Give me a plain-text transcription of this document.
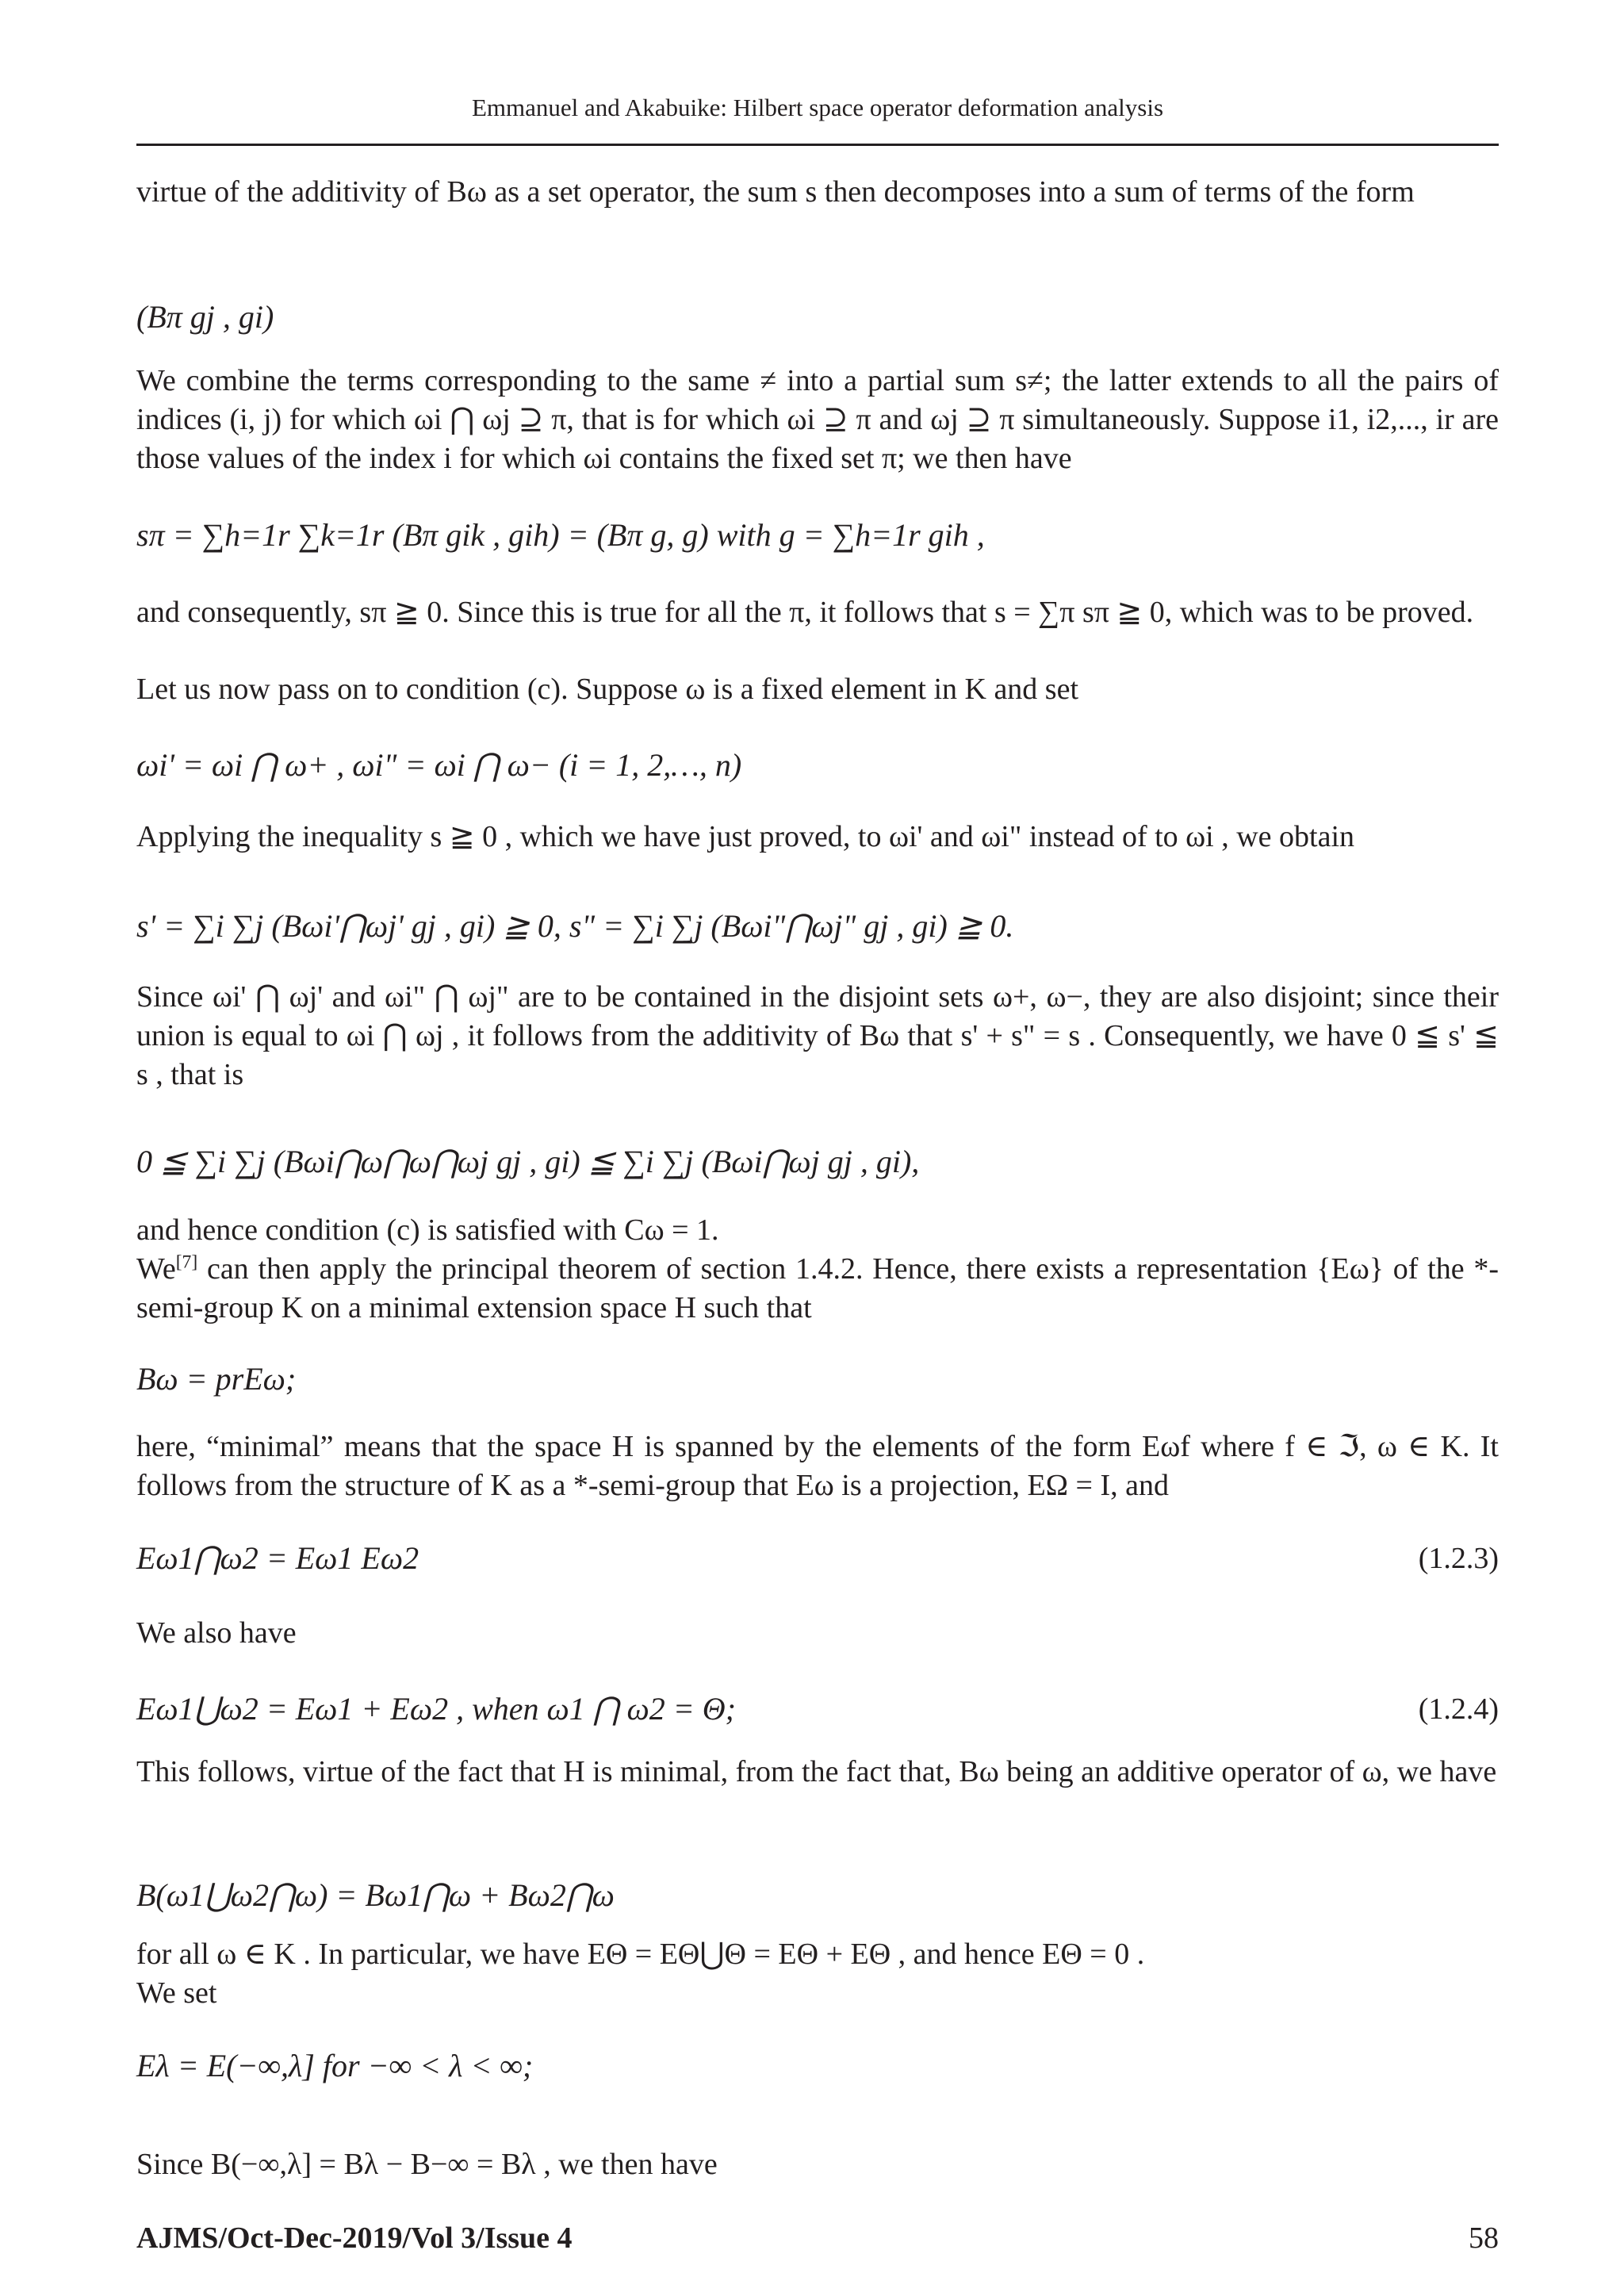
Emmanuel and Akabuike: Hilbert space operator deformation analysis
virtue of the additivity of Bω as a set operator, the sum s then decomposes into a sum of terms of the form
(Bπ gj , gi)
We combine the terms corresponding to the same ≠ into a partial sum s≠; the latter extends to all the pairs of indices (i, j) for which ωi ⋂ ωj ⊇ π, that is for which ωi ⊇ π and ωj ⊇ π simultaneously. Suppose i1, i2,..., ir are those values of the index i for which ωi contains the fixed set π; we then have
sπ = ∑h=1r ∑k=1r (Bπ gik , gih) = (Bπ g, g) with g = ∑h=1r gih ,
and consequently, sπ ≧ 0. Since this is true for all the π, it follows that s = ∑π sπ ≧ 0, which was to be proved.
Let us now pass on to condition (c). Suppose ω is a fixed element in K and set
ωi' = ωi ⋂ ω+ , ωi" = ωi ⋂ ω− (i = 1, 2,…, n)
Applying the inequality s ≧ 0 , which we have just proved, to ωi' and ωi" instead of to ωi , we obtain
s' = ∑i ∑j (Bωi'⋂ωj' gj , gi) ≧ 0, s" = ∑i ∑j (Bωi"⋂ωj" gj , gi) ≧ 0.
Since ωi' ⋂ ωj' and ωi" ⋂ ωj" are to be contained in the disjoint sets ω+, ω−, they are also disjoint; since their union is equal to ωi ⋂ ωj , it follows from the additivity of Bω that s' + s" = s . Consequently, we have 0 ≦ s' ≦ s , that is
0 ≦ ∑i ∑j (Bωi⋂ω⋂ω⋂ωj gj , gi) ≦ ∑i ∑j (Bωi⋂ωj gj , gi),
and hence condition (c) is satisfied with Cω = 1.
We[7] can then apply the principal theorem of section 1.4.2. Hence, there exists a representation {Eω} of the *-semi-group K on a minimal extension space H such that
Bω = prEω;
here, “minimal” means that the space H is spanned by the elements of the form Eωf where f ∈ ℑ, ω ∈ K. It follows from the structure of K as a *-semi-group that Eω is a projection, EΩ = I, and
Eω1⋂ω2 = Eω1 Eω2	(1.2.3)
We also have
Eω1⋃ω2 = Eω1 + Eω2 , when ω1 ⋂ ω2 = Θ;	(1.2.4)
This follows, virtue of the fact that H is minimal, from the fact that, Bω being an additive operator of ω, we have
B(ω1⋃ω2⋂ω) = Bω1⋂ω + Bω2⋂ω
for all ω ∈ K . In particular, we have EΘ = EΘ⋃Θ = EΘ + EΘ , and hence EΘ = 0 .
We set
Eλ = E(−∞,λ] for −∞ < λ < ∞;
Since B(−∞,λ] = Bλ − B−∞ = Bλ , we then have
AJMS/Oct-Dec-2019/Vol 3/Issue 4	58
